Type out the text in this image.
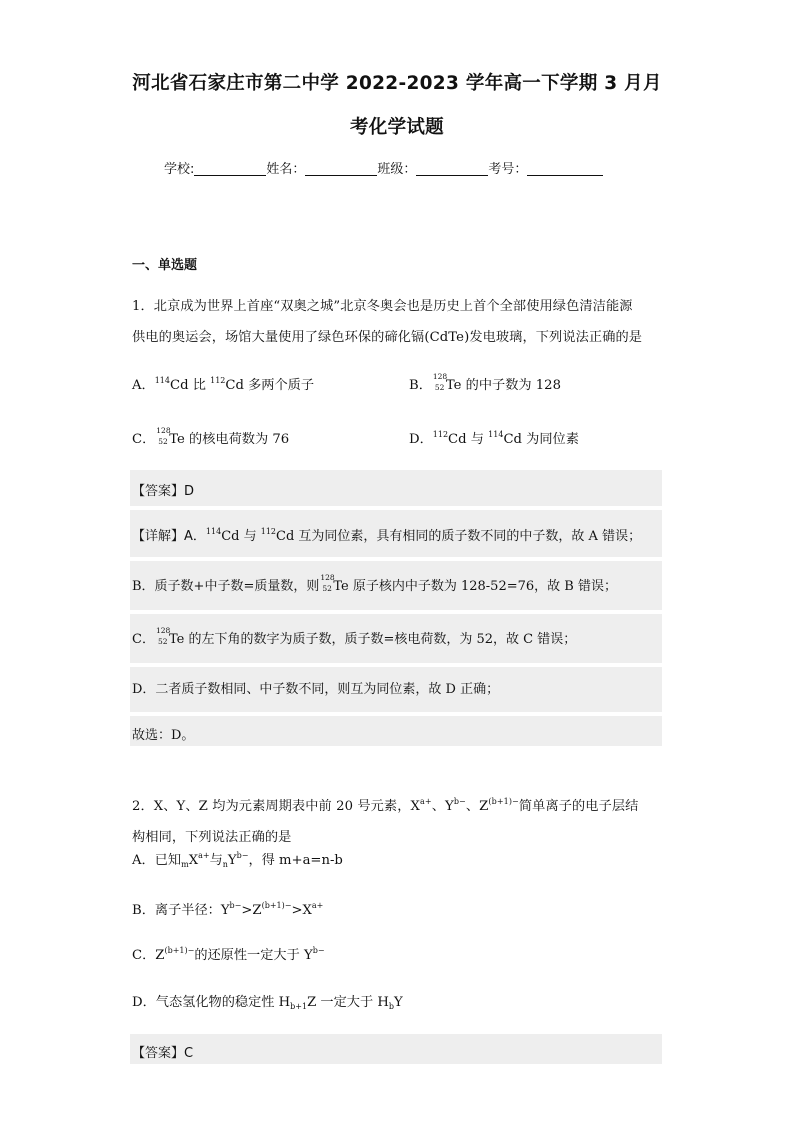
河北省石家庄市第二中学 2022-2023 学年高一下学期 3 月月
考化学试题
学校:	姓名：	班级：	考号：
一、单选题
1．北京成为世界上首座“双奥之城”北京冬奥会也是历史上首个全部使用绿色清洁能源
供电的奥运会，场馆大量使用了绿色环保的碲化镉(CdTe)发电玻璃，下列说法正确的是
A．$^{114}$Cd 比 $^{112}$Cd 多两个质子	B．
128
52 Te 的中子数为 128
C．
128
52 Te 的核电荷数为 76	D．$^{112}$Cd 与 $^{114}$Cd 为同位素
【答案】D
【详解】A．$^{114}$Cd 与 $^{112}$Cd 互为同位素，具有相同的质子数不同的中子数，故 A 错误；
B．质子数+中子数=质量数，则
128
52 Te 原子核内中子数为 128-52=76，故 B 错误；
C．
128
52 Te 的左下角的数字为质子数，质子数=核电荷数，为 52，故 C 错误；
D．二者质子数相同、中子数不同，则互为同位素，故 D 正确；
故选：D。
2．X、Y、Z 均为元素周期表中前 20 号元素，$X^{a+}$、$Y^{b-}$、$Z^{(b+1)-}$简单离子的电子层结
构相同，下列说法正确的是
A．已知$_mX^{a+}$与$_nY^{b-}$，得 m+a=n-b
B．离子半径：$Y^{b-}>Z^{(b+1)-}>X^{a+}$
C．$Z^{(b+1)-}$的还原性一定大于 $Y^{b-}$
D．气态氢化物的稳定性 $H_{b+1}Z$ 一定大于 $H_bY$
【答案】C
